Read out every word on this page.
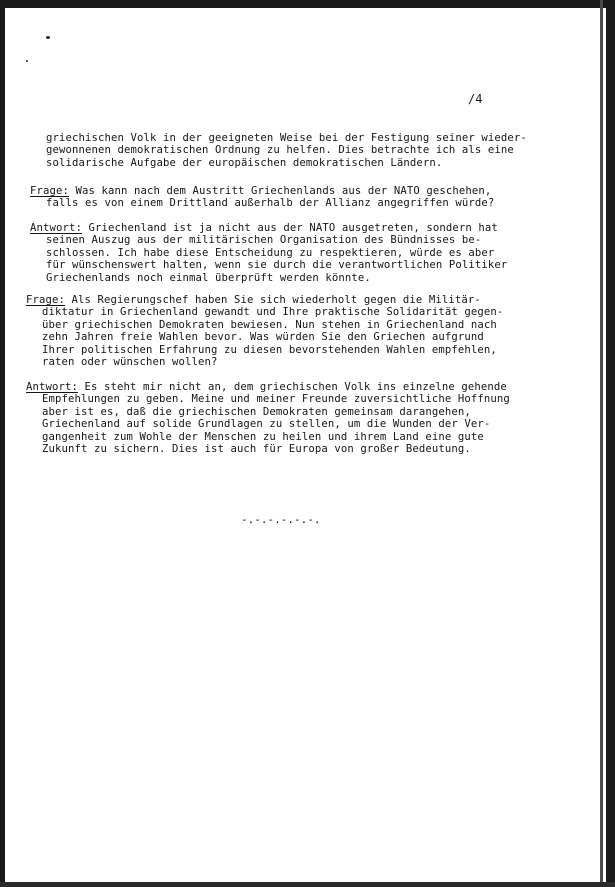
/4
griechischen Volk in der geeigneten Weise bei der Festigung seiner wieder-
gewonnenen demokratischen Ordnung zu helfen. Dies betrachte ich als eine
solidarische Aufgabe der europäischen demokratischen Ländern.
Frage: Was kann nach dem Austritt Griechenlands aus der NATO geschehen,
falls es von einem Drittland außerhalb der Allianz angegriffen würde?
Antwort: Griechenland ist ja nicht aus der NATO ausgetreten, sondern hat
seinen Auszug aus der militärischen Organisation des Bündnisses be-
schlossen. Ich habe diese Entscheidung zu respektieren, würde es aber
für wünschenswert halten, wenn sie durch die verantwortlichen Politiker
Griechenlands noch einmal überprüft werden könnte.
Frage: Als Regierungschef haben Sie sich wiederholt gegen die Militär-
diktatur in Griechenland gewandt und Ihre praktische Solidarität gegen-
über griechischen Demokraten bewiesen. Nun stehen in Griechenland nach
zehn Jahren freie Wahlen bevor. Was würden Sie den Griechen aufgrund
Ihrer politischen Erfahrung zu diesen bevorstehenden Wahlen empfehlen,
raten oder wünschen wollen?
Antwort: Es steht mir nicht an, dem griechischen Volk ins einzelne gehende
Empfehlungen zu geben. Meine und meiner Freunde zuversichtliche Hoffnung
aber ist es, daß die griechischen Demokraten gemeinsam darangehen,
Griechenland auf solide Grundlagen zu stellen, um die Wunden der Ver-
gangenheit zum Wohle der Menschen zu heilen und ihrem Land eine gute
Zukunft zu sichern. Dies ist auch für Europa von großer Bedeutung.
-.-.-.-.-.-.
